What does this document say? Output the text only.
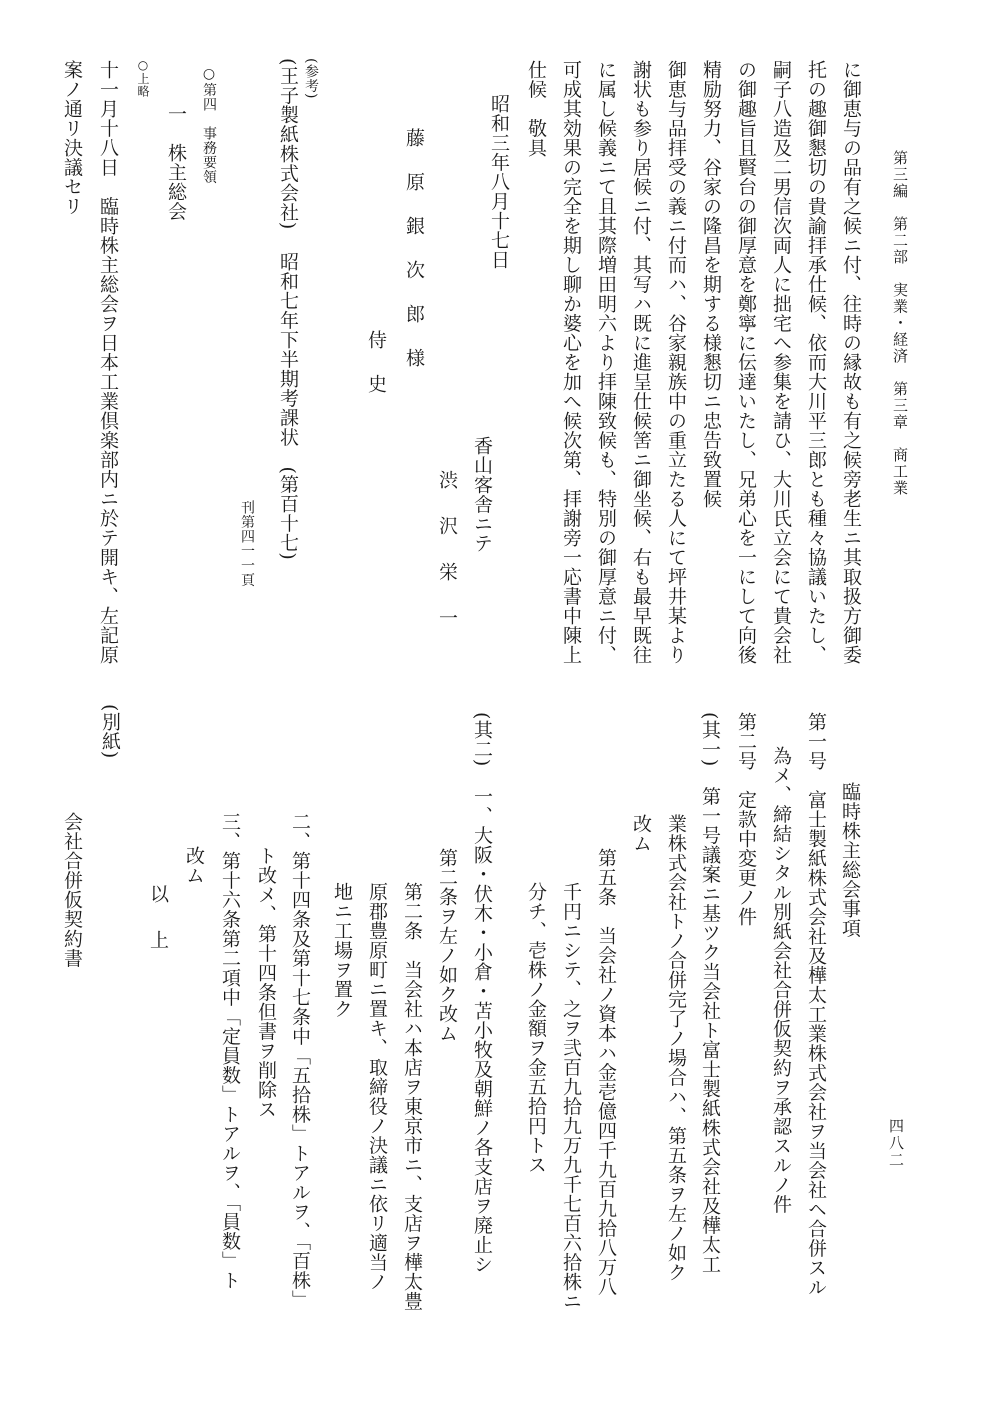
第三編　第二部　実業・経済　第三章　商工業
四八二
に御恵与の品有之候ニ付、往時の縁故も有之候旁老生ニ其取扱方御委
托の趣御懇切の貴諭拝承仕候、依而大川平三郎とも種々協議いたし、
嗣子八造及二男信次両人に拙宅へ参集を請ひ、大川氏立会にて貴会社
の御趣旨且賢台の御厚意を鄭寧に伝達いたし、兄弟心を一にして向後
精励努力、谷家の隆昌を期する様懇切ニ忠告致置候
御恵与品拝受の義ニ付而ハ、谷家親族中の重立たる人にて坪井某より
謝状も参り居候ニ付、其写ハ既に進呈仕候筈ニ御坐候、右も最早既往
に属し候義ニて且其際増田明六より拝陳致候も、特別の御厚意ニ付、
可成其効果の完全を期し聊か婆心を加へ候次第、拝謝旁一応書中陳上
仕候　敬具
昭和三年八月十七日
香山客舎ニテ
渋　沢　栄　一
藤　原　銀　次　郎　様
侍　史
(参考)
(王子製紙株式会社)
昭和七年下半期考課状　(第百十七)
刊第四一一頁
○第四　事務要領
一　株主総会
○上略
十一月十八日　臨時株主総会ヲ日本工業倶楽部内ニ於テ開キ、左記原
案ノ通リ決議セリ
臨時株主総会事項
第一号　富士製紙株式会社及樺太工業株式会社ヲ当会社ヘ合併スル
為メ、締結シタル別紙会社合併仮契約ヲ承認スルノ件
第二号　定款中変更ノ件
(其一)　第一号議案ニ基ツク当会社ト富士製紙株式会社及樺太工
業株式会社トノ合併完了ノ場合ハ、第五条ヲ左ノ如ク
改ム
第五条　当会社ノ資本ハ金壱億四千九百九拾八万八
千円ニシテ、之ヲ弐百九拾九万九千七百六拾株ニ
分チ、壱株ノ金額ヲ金五拾円トス
(其二)　一、大阪・伏木・小倉・苫小牧及朝鮮ノ各支店ヲ廃止シ
第二条ヲ左ノ如ク改ム
第二条　当会社ハ本店ヲ東京市ニ、支店ヲ樺太豊
原郡豊原町ニ置キ、取締役ノ決議ニ依リ適当ノ
地ニ工場ヲ置ク
二、第十四条及第十七条中「五拾株」トアルヲ、「百株」
ト改メ、第十四条但書ヲ削除ス
三、第十六条第二項中「定員数」トアルヲ、「員数」ト
改ム
以　上
(別紙)
会社合併仮契約書
